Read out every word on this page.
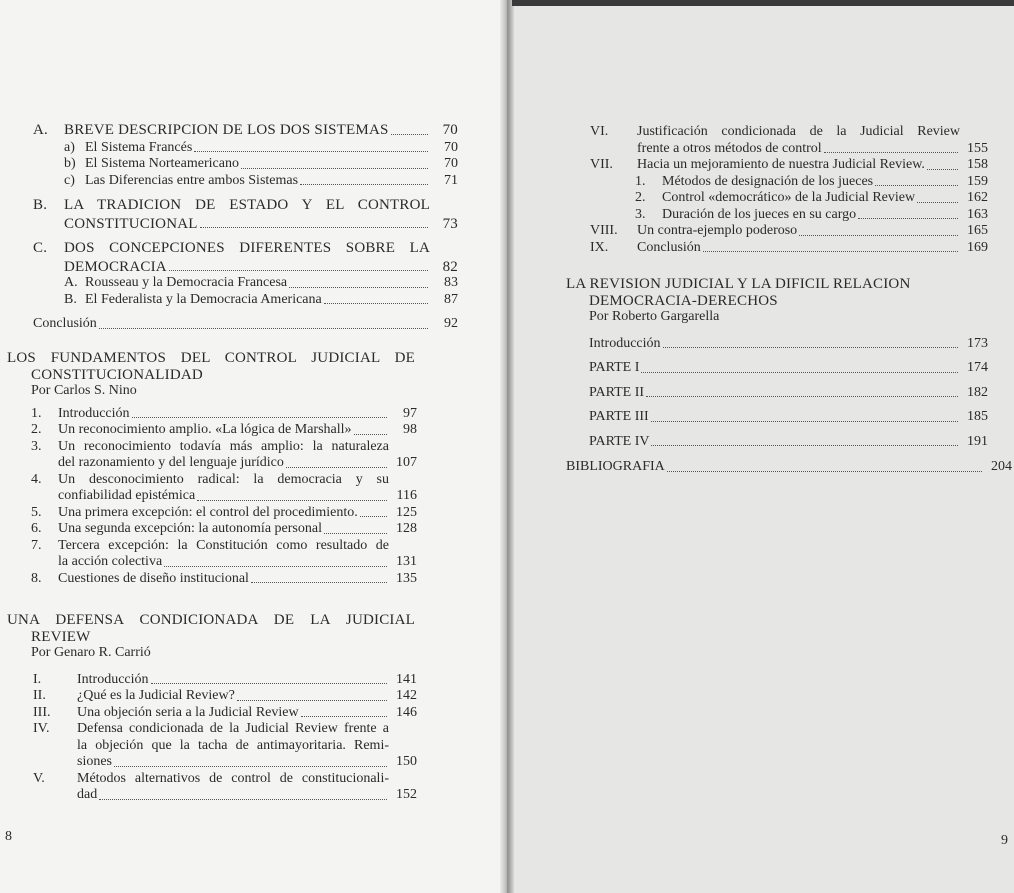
A.	BREVE DESCRIPCION DE LOS DOS SISTEMAS	70
a) El Sistema Francés	70
b) El Sistema Norteamericano	70
c) Las Diferencias entre ambos Sistemas	71
B.	LA TRADICION DE ESTADO Y EL CONTROL
CONSTITUCIONAL	73
C.	DOS CONCEPCIONES DIFERENTES SOBRE LA
DEMOCRACIA	82
A. Rousseau y la Democracia Francesa	83
B. El Federalista y la Democracia Americana	87
Conclusión	92
LOS FUNDAMENTOS DEL CONTROL JUDICIAL DE
CONSTITUCIONALIDAD
Por Carlos S. Nino
1.	Introducción	97
2.	Un reconocimiento amplio. «La lógica de Marshall»	98
3.	Un reconocimiento todavía más amplio: la naturaleza
del razonamiento y del lenguaje jurídico	107
4.	Un desconocimiento radical: la democracia y su
confiabilidad epistémica	116
5.	Una primera excepción: el control del procedimiento.	125
6.	Una segunda excepción: la autonomía personal	128
7.	Tercera excepción: la Constitución como resultado de
la acción colectiva	131
8.	Cuestiones de diseño institucional	135
UNA DEFENSA CONDICIONADA DE LA JUDICIAL
REVIEW
Por Genaro R. Carrió
I.	Introducción	141
II.	¿Qué es la Judicial Review?	142
III.	Una objeción seria a la Judicial Review	146
IV.	Defensa condicionada de la Judicial Review frente a
la objeción que la tacha de antimayoritaria. Remi-
siones	150
V.	Métodos alternativos de control de constitucionali-
dad	152
8
VI.	Justificación condicionada de la Judicial Review
frente a otros métodos de control	155
VII.	Hacia un mejoramiento de nuestra Judicial Review.	158
1.	Métodos de designación de los jueces	159
2.	Control «democrático» de la Judicial Review	162
3.	Duración de los jueces en su cargo	163
VIII.	Un contra-ejemplo poderoso	165
IX.	Conclusión	169
LA REVISION JUDICIAL Y LA DIFICIL RELACION
DEMOCRACIA-DERECHOS
Por Roberto Gargarella
Introducción	173
PARTE I	174
PARTE II	182
PARTE III	185
PARTE IV	191
BIBLIOGRAFIA	204
9
